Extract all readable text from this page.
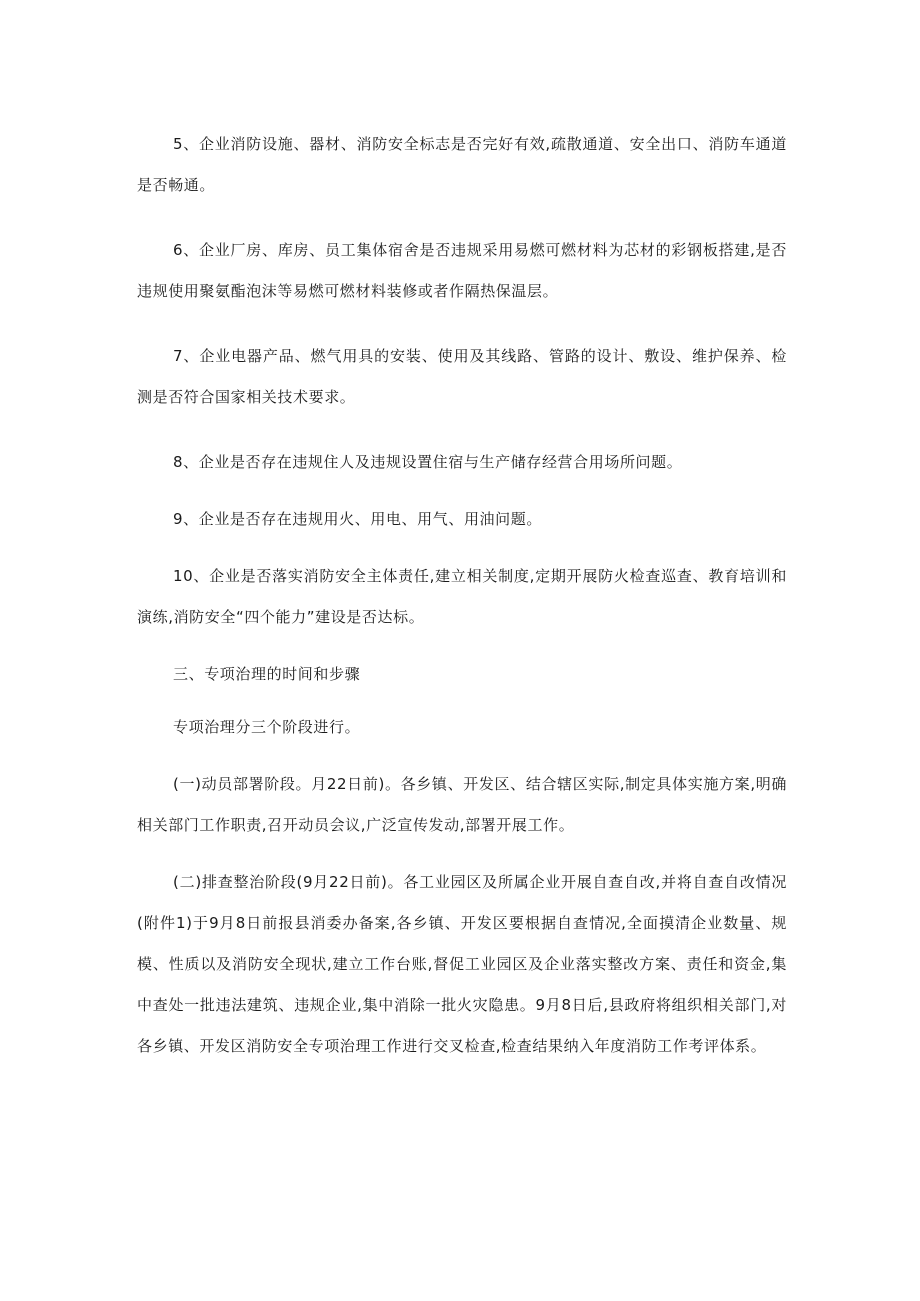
5、企业消防设施、器材、消防安全标志是否完好有效,疏散通道、安全出口、消防车通道是否畅通。

6、企业厂房、库房、员工集体宿舍是否违规采用易燃可燃材料为芯材的彩钢板搭建,是否违规使用聚氨酯泡沫等易燃可燃材料装修或者作隔热保温层。

7、企业电器产品、燃气用具的安装、使用及其线路、管路的设计、敷设、维护保养、检测是否符合国家相关技术要求。

8、企业是否存在违规住人及违规设置住宿与生产储存经营合用场所问题。

9、企业是否存在违规用火、用电、用气、用油问题。

10、企业是否落实消防安全主体责任,建立相关制度,定期开展防火检查巡查、教育培训和演练,消防安全“四个能力”建设是否达标。

三、专项治理的时间和步骤

专项治理分三个阶段进行。

(一)动员部署阶段。月22日前)。各乡镇、开发区、结合辖区实际,制定具体实施方案,明确相关部门工作职责,召开动员会议,广泛宣传发动,部署开展工作。

(二)排查整治阶段(9月22日前)。各工业园区及所属企业开展自查自改,并将自查自改情况(附件1)于9月8日前报县消委办备案,各乡镇、开发区要根据自查情况,全面摸清企业数量、规模、性质以及消防安全现状,建立工作台账,督促工业园区及企业落实整改方案、责任和资金,集中查处一批违法建筑、违规企业,集中消除一批火灾隐患。9月8日后,县政府将组织相关部门,对各乡镇、开发区消防安全专项治理工作进行交叉检查,检查结果纳入年度消防工作考评体系。
